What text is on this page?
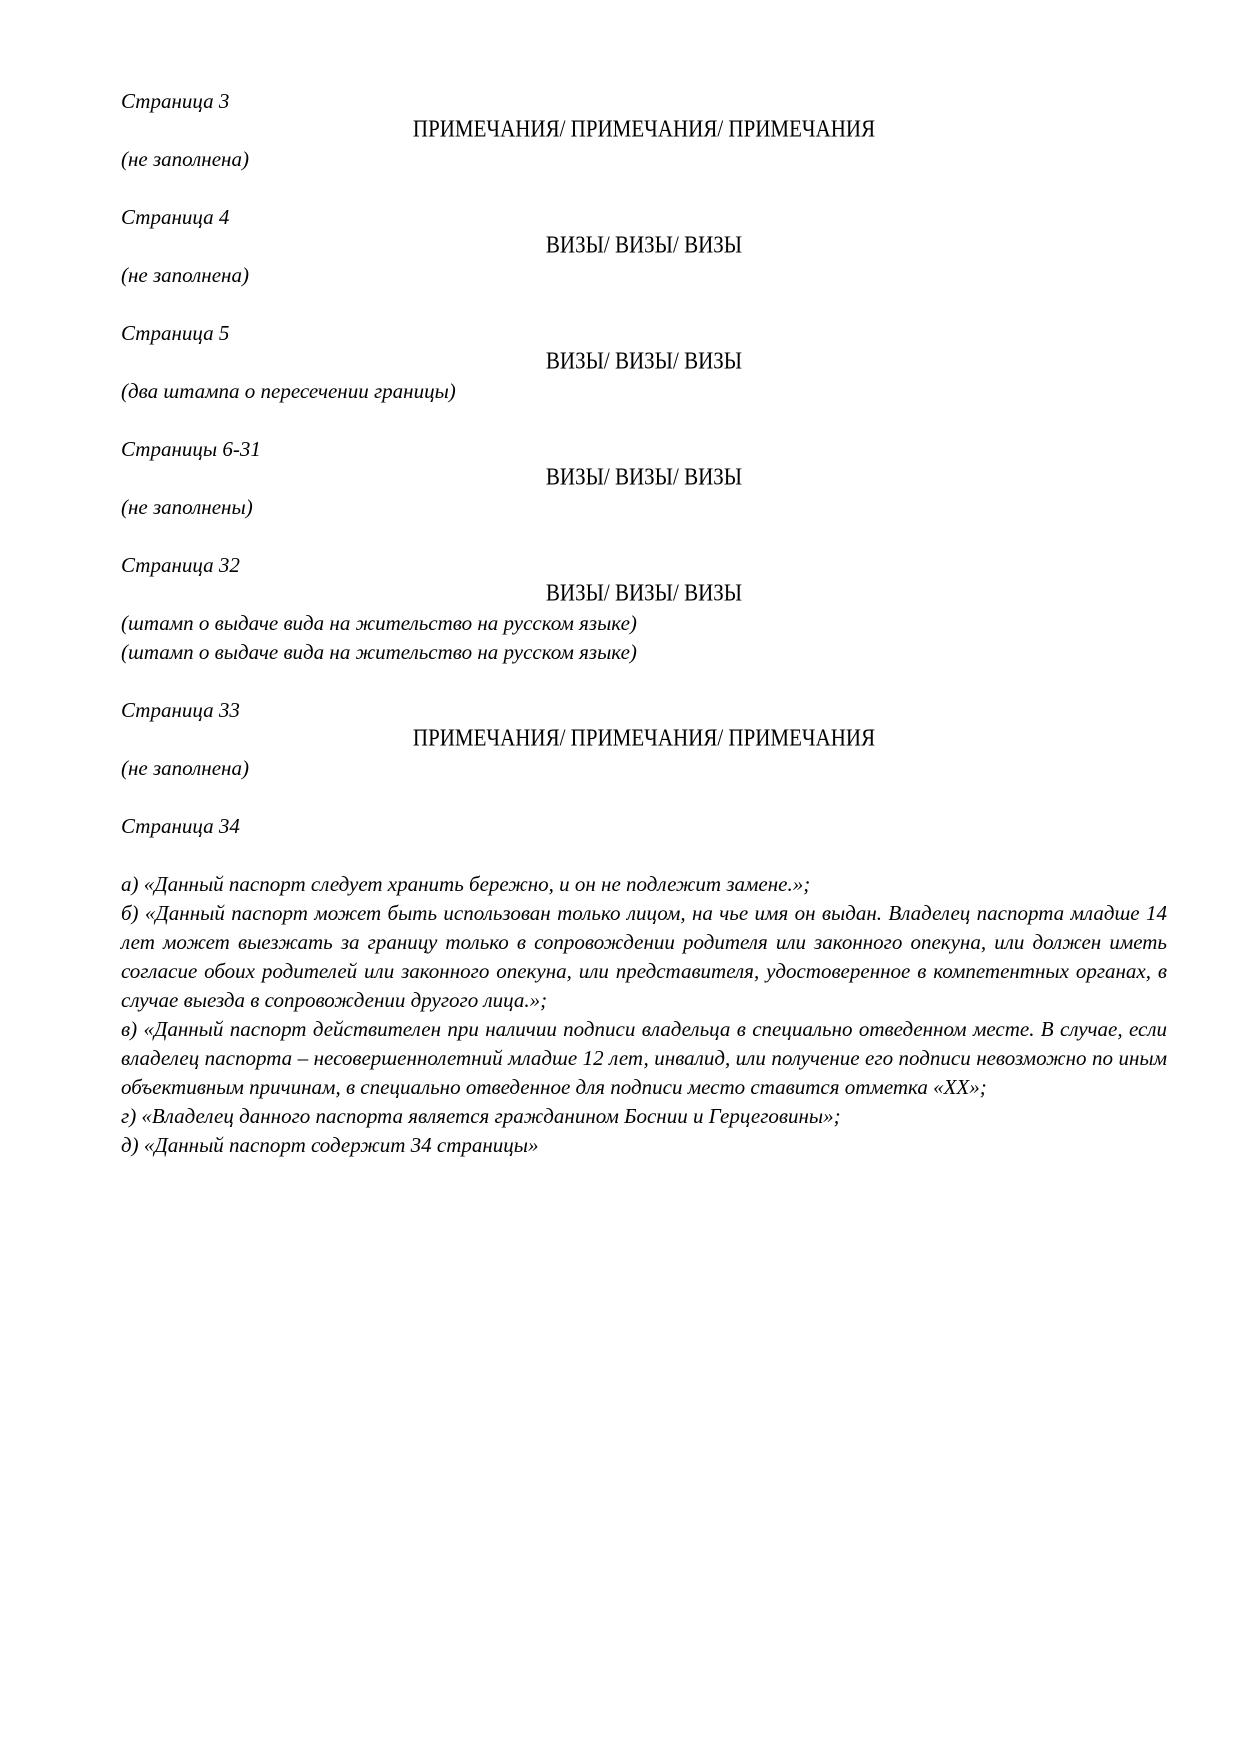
Страница 3

ПРИМЕЧАНИЯ/ ПРИМЕЧАНИЯ/ ПРИМЕЧАНИЯ

(не заполнена)

Страница 4

ВИЗЫ/ ВИЗЫ/ ВИЗЫ

(не заполнена)

Страница 5

ВИЗЫ/ ВИЗЫ/ ВИЗЫ

(два штампа о пересечении границы)

Страницы 6-31

ВИЗЫ/ ВИЗЫ/ ВИЗЫ

(не заполнены)

Страница 32

ВИЗЫ/ ВИЗЫ/ ВИЗЫ

(штамп о выдаче вида на жительство на русском языке)

(штамп о выдаче вида на жительство на русском языке)

Страница 33

ПРИМЕЧАНИЯ/ ПРИМЕЧАНИЯ/ ПРИМЕЧАНИЯ

(не заполнена)

Страница 34

а) «Данный паспорт следует хранить бережно, и он не подлежит замене.»;

б) «Данный паспорт может быть использован только лицом, на чье имя он выдан. Владелец паспорта младше 14 лет может выезжать за границу только в сопровождении родителя или законного опекуна, или должен иметь согласие обоих родителей или законного опекуна, или представителя, удостоверенное в компетентных органах, в случае выезда в сопровождении другого лица.»;

в) «Данный паспорт действителен при наличии подписи владельца в специально отведенном месте. В случае, если владелец паспорта – несовершеннолетний младше 12 лет, инвалид, или получение его подписи невозможно по иным объективным причинам, в специально отведенное для подписи место ставится отметка «ХХ»;

г) «Владелец данного паспорта является гражданином Боснии и Герцеговины»;

д) «Данный паспорт содержит 34 страницы»
